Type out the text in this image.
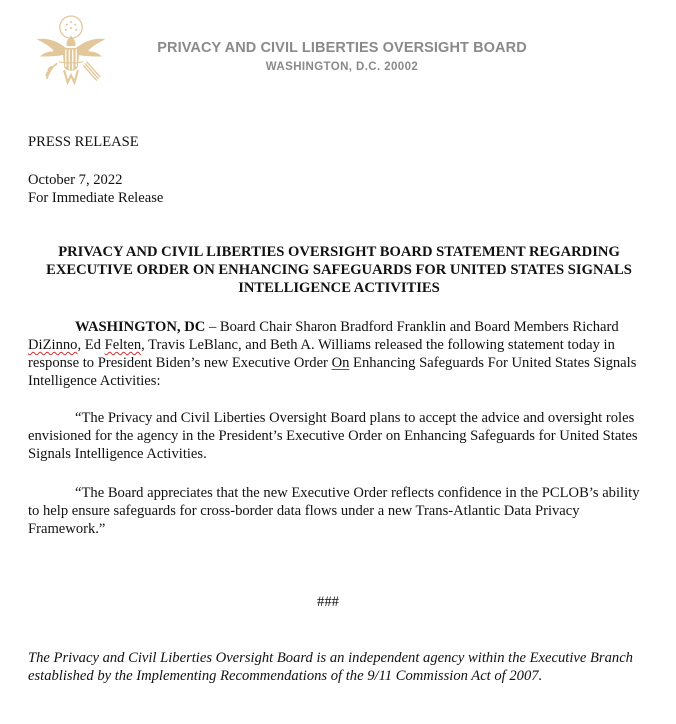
PRIVACY AND CIVIL LIBERTIES OVERSIGHT BOARD
WASHINGTON, D.C. 20002

PRESS RELEASE

October 7, 2022

For Immediate Release

PRIVACY AND CIVIL LIBERTIES OVERSIGHT BOARD STATEMENT REGARDING EXECUTIVE ORDER ON ENHANCING SAFEGUARDS FOR UNITED STATES SIGNALS INTELLIGENCE ACTIVITIES

WASHINGTON, DC – Board Chair Sharon Bradford Franklin and Board Members Richard DiZinno, Ed Felten, Travis LeBlanc, and Beth A. Williams released the following statement today in response to President Biden’s new Executive Order On Enhancing Safeguards For United States Signals Intelligence Activities:

“The Privacy and Civil Liberties Oversight Board plans to accept the advice and oversight roles envisioned for the agency in the President’s Executive Order on Enhancing Safeguards for United States Signals Intelligence Activities.

“The Board appreciates that the new Executive Order reflects confidence in the PCLOB’s ability to help ensure safeguards for cross-border data flows under a new Trans-Atlantic Data Privacy Framework.”

###

The Privacy and Civil Liberties Oversight Board is an independent agency within the Executive Branch established by the Implementing Recommendations of the 9/11 Commission Act of 2007.
